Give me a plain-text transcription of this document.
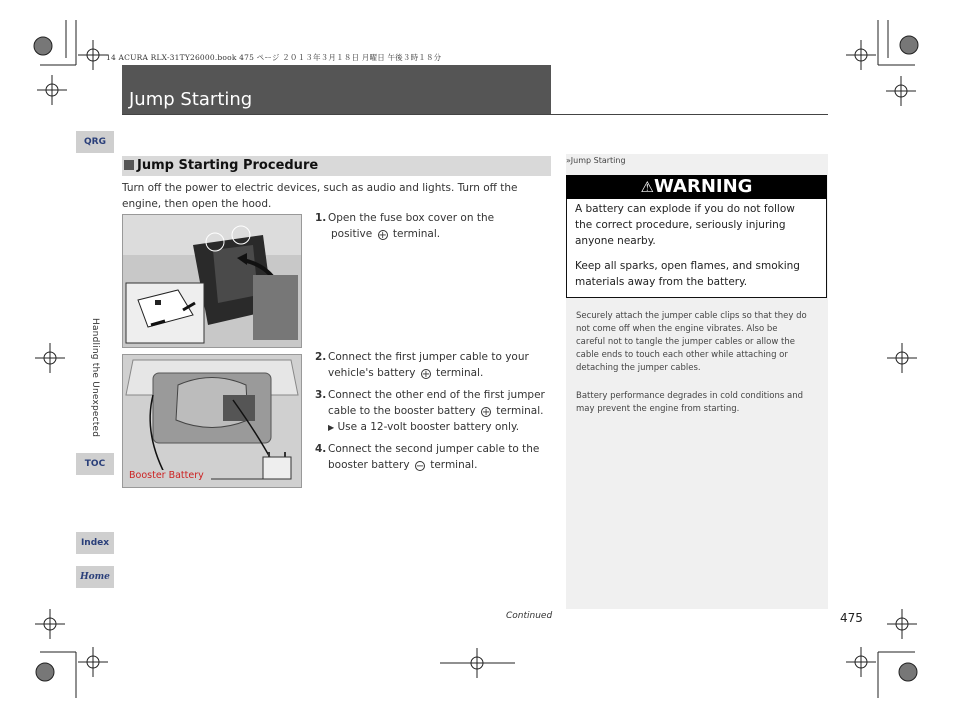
14 ACURA RLX-31TY26000.book 475 ページ ２０１３年３月１８日 月曜日 午後３時１８分
Jump Starting
QRG
Handling the Unexpected
TOC
Index
Home
Jump Starting Procedure
Turn off the power to electric devices, such as audio and lights. Turn off the engine, then open the hood.
Booster Battery
1. Open the fuse box cover on the
positive + terminal.
2. Connect the first jumper cable to your
vehicle's battery + terminal.
3. Connect the other end of the first jumper
cable to the booster battery + terminal.
▶ Use a 12-volt booster battery only.
4. Connect the second jumper cable to the
booster battery − terminal.
»Jump Starting
⚠WARNING
A battery can explode if you do not follow
the correct procedure, seriously injuring
anyone nearby.
Keep all sparks, open flames, and smoking
materials away from the battery.
Securely attach the jumper cable clips so that they do
not come off when the engine vibrates. Also be
careful not to tangle the jumper cables or allow the
cable ends to touch each other while attaching or
detaching the jumper cables.
Battery performance degrades in cold conditions and
may prevent the engine from starting.
Continued	475
